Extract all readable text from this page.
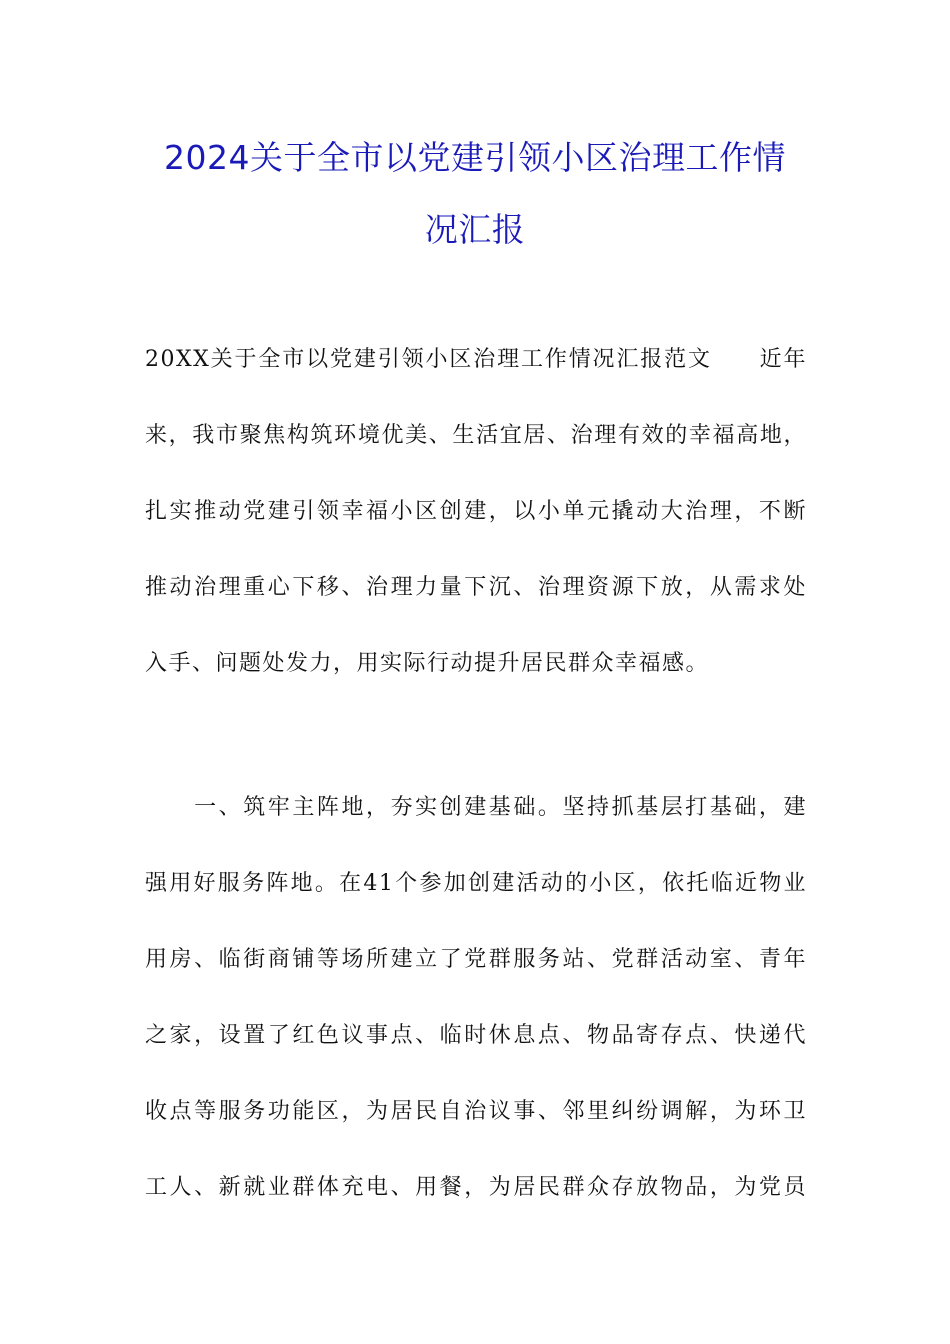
2024关于全市以党建引领小区治理工作情
况汇报
20XX关于全市以党建引领小区治理工作情况汇报范文　　近年
来，我市聚焦构筑环境优美、生活宜居、治理有效的幸福高地，
扎实推动党建引领幸福小区创建，以小单元撬动大治理，不断
推动治理重心下移、治理力量下沉、治理资源下放，从需求处
入手、问题处发力，用实际行动提升居民群众幸福感。
　　一、筑牢主阵地，夯实创建基础。坚持抓基层打基础，建
强用好服务阵地。在41个参加创建活动的小区，依托临近物业
用房、临街商铺等场所建立了党群服务站、党群活动室、青年
之家，设置了红色议事点、临时休息点、物品寄存点、快递代
收点等服务功能区，为居民自治议事、邻里纠纷调解，为环卫
工人、新就业群体充电、用餐，为居民群众存放物品，为党员
